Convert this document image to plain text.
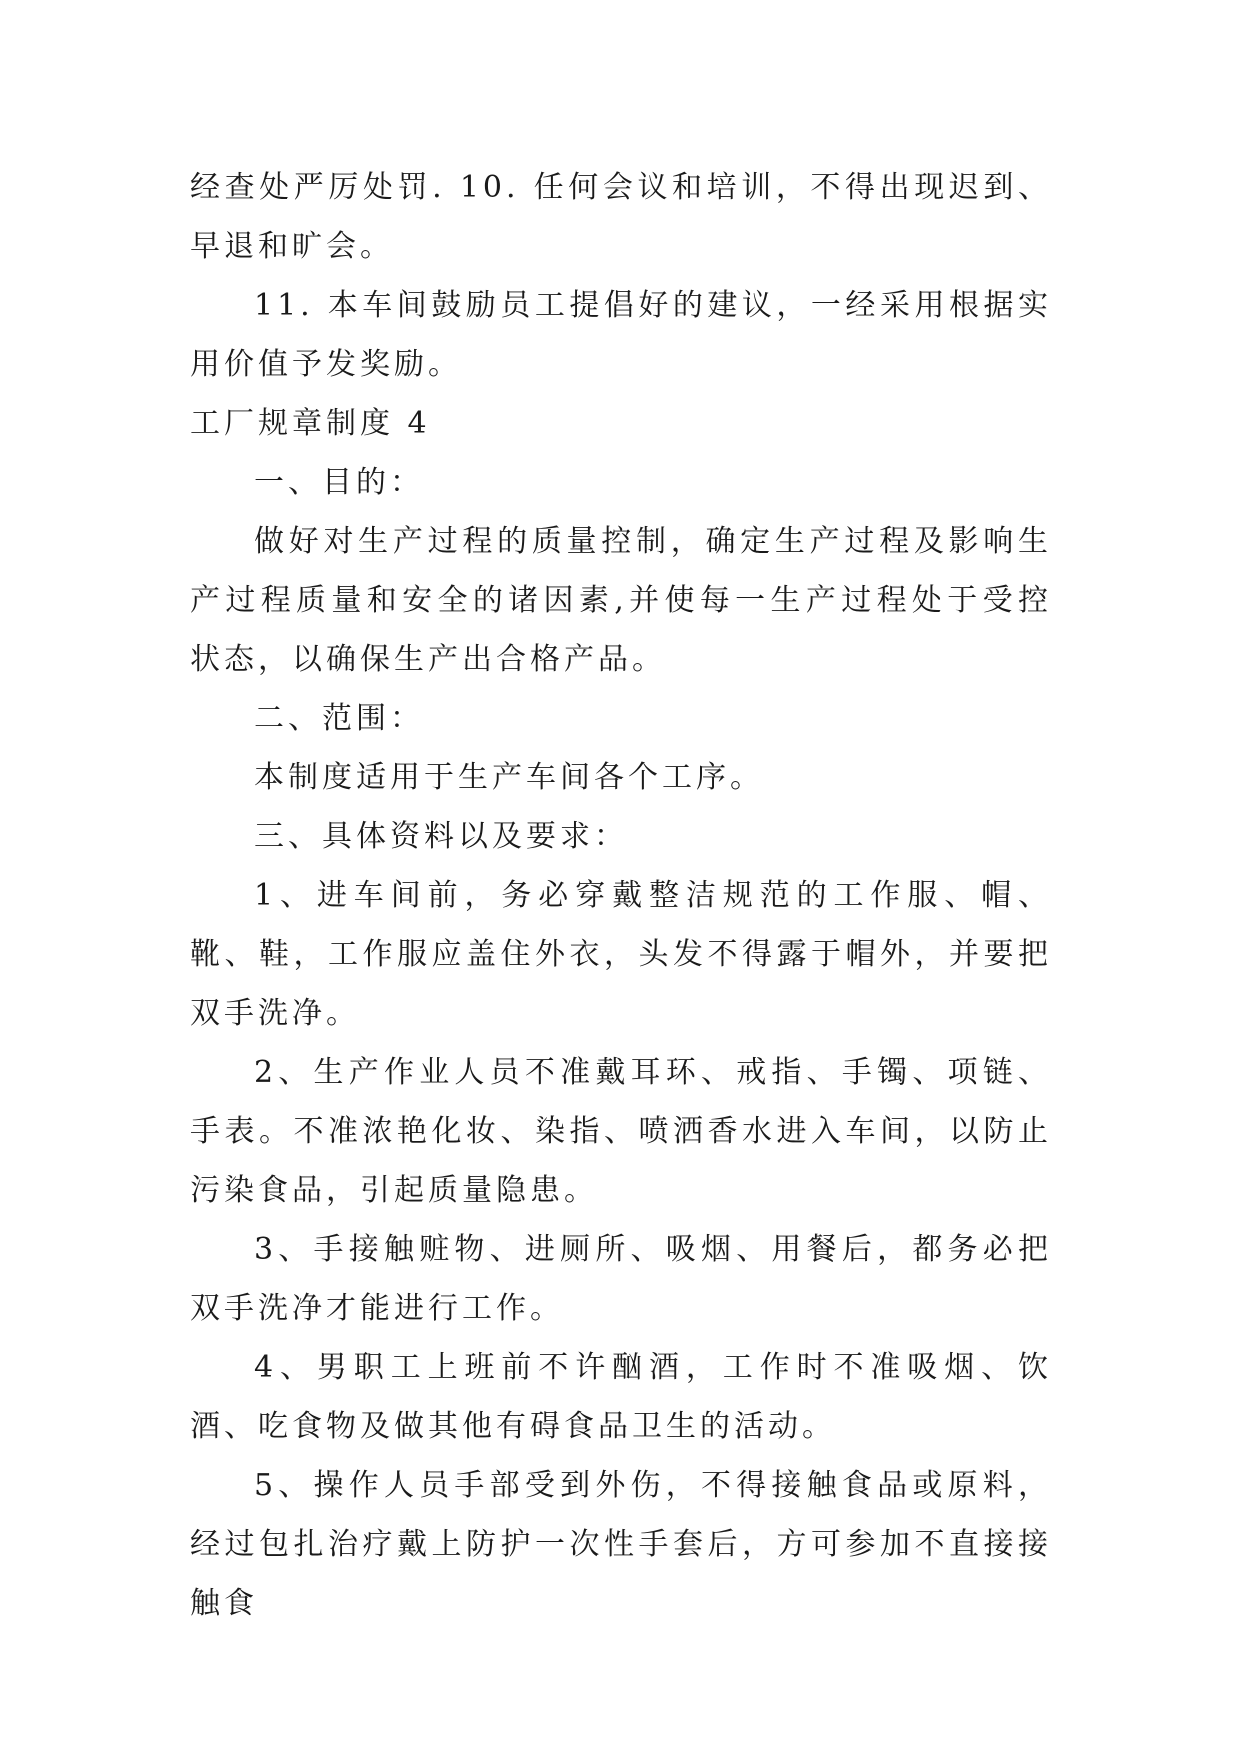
经查处严厉处罚. 10. 任何会议和培训，不得出现迟到、早退和旷会。

11. 本车间鼓励员工提倡好的建议，一经采用根据实用价值予发奖励。

工厂规章制度 4

一、目的：

做好对生产过程的质量控制，确定生产过程及影响生产过程质量和安全的诸因素,并使每一生产过程处于受控状态，以确保生产出合格产品。

二、范围：

本制度适用于生产车间各个工序。

三、具体资料以及要求：

1、进车间前，务必穿戴整洁规范的工作服、帽、靴、鞋，工作服应盖住外衣，头发不得露于帽外，并要把双手洗净。

2、生产作业人员不准戴耳环、戒指、手镯、项链、手表。不准浓艳化妆、染指、喷洒香水进入车间，以防止污染食品，引起质量隐患。

3、手接触赃物、进厕所、吸烟、用餐后，都务必把双手洗净才能进行工作。

4、男职工上班前不许酗酒，工作时不准吸烟、饮酒、吃食物及做其他有碍食品卫生的活动。

5、操作人员手部受到外伤，不得接触食品或原料，经过包扎治疗戴上防护一次性手套后，方可参加不直接接触食
